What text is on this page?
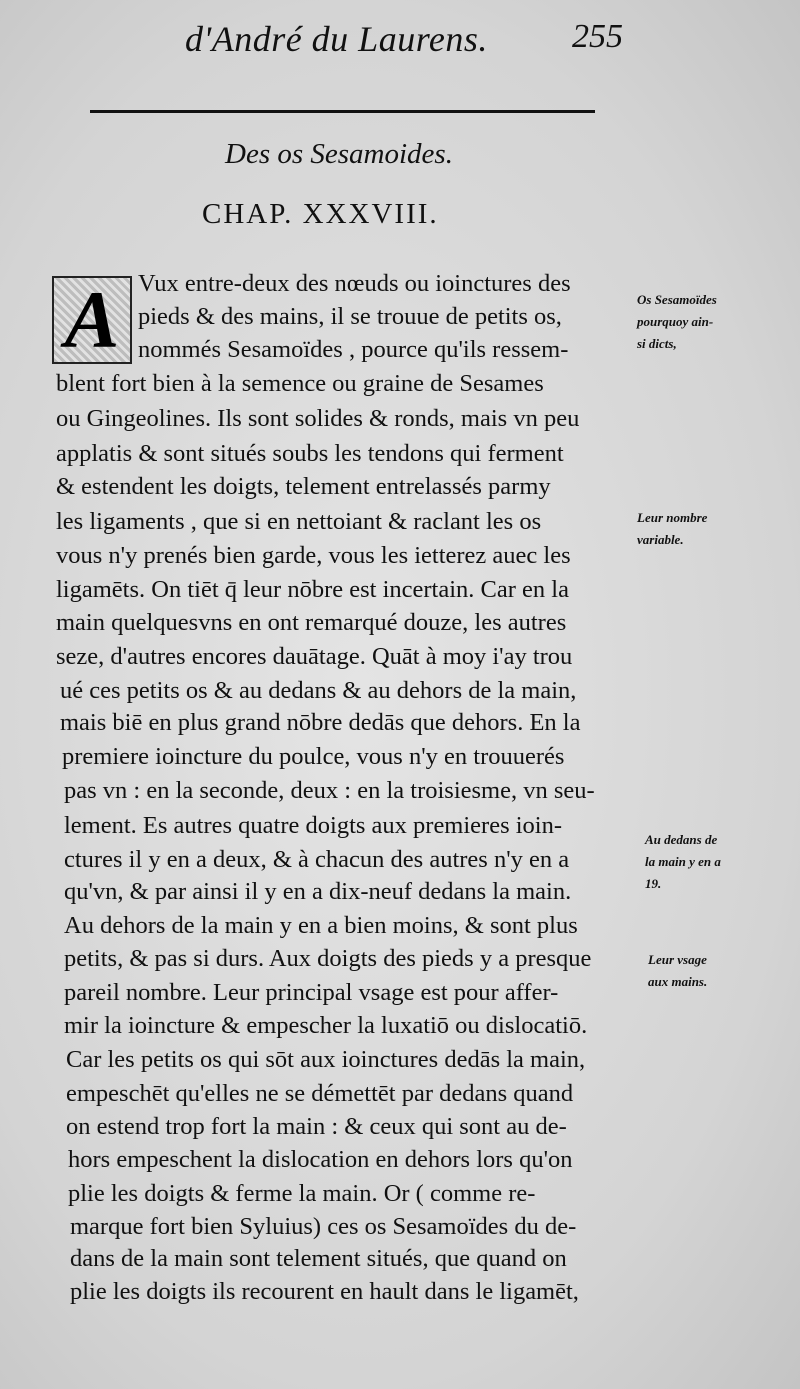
d'André du Laurens. 255
Des os Sesamoides.
CHAP. XXXVIII.
A Vux entre-deux des nœuds ou ioinctures des
pieds & des mains, il se trouue de petits os,
nommés Sesamoïdes , pource qu'ils ressem-
blent fort bien à la semence ou graine de Sesames
ou Gingeolines. Ils sont solides & ronds, mais vn peu
applatis & sont situés soubs les tendons qui ferment
& estendent les doigts, telement entrelassés parmy
les ligaments , que si en nettoiant & raclant les os
vous n'y prenés bien garde, vous les ietterez auec les
ligamēts. On tiēt q̄ leur nōbre est incertain. Car en la
main quelquesvns en ont remarqué douze, les autres
seze, d'autres encores dauātage. Quāt à moy i'ay trou
ué ces petits os & au dedans & au dehors de la main,
mais biē en plus grand nōbre dedās que dehors. En la
premiere ioincture du poulce, vous n'y en trouuerés
pas vn : en la seconde, deux : en la troisiesme, vn seu-
lement. Es autres quatre doigts aux premieres ioin-
ctures il y en a deux, & à chacun des autres n'y en a
qu'vn, & par ainsi il y en a dix-neuf dedans la main.
Au dehors de la main y en a bien moins, & sont plus
petits, & pas si durs. Aux doigts des pieds y a presque
pareil nombre. Leur principal vsage est pour affer-
mir la ioincture & empescher la luxatiō ou dislocatiō.
Car les petits os qui sōt aux ioinctures dedās la main,
empeschēt qu'elles ne se démettēt par dedans quand
on estend trop fort la main : & ceux qui sont au de-
hors empeschent la dislocation en dehors lors qu'on
plie les doigts & ferme la main. Or ( comme re-
marque fort bien Syluius) ces os Sesamoïdes du de-
dans de la main sont telement situés, que quand on
plie les doigts ils recourent en hault dans le ligamēt,
Os Sesamoïdes
pourquoy ain-
si dicts,
Leur nombre
variable.
Au dedans de
la main y en a
19.
Leur vsage
aux mains.
